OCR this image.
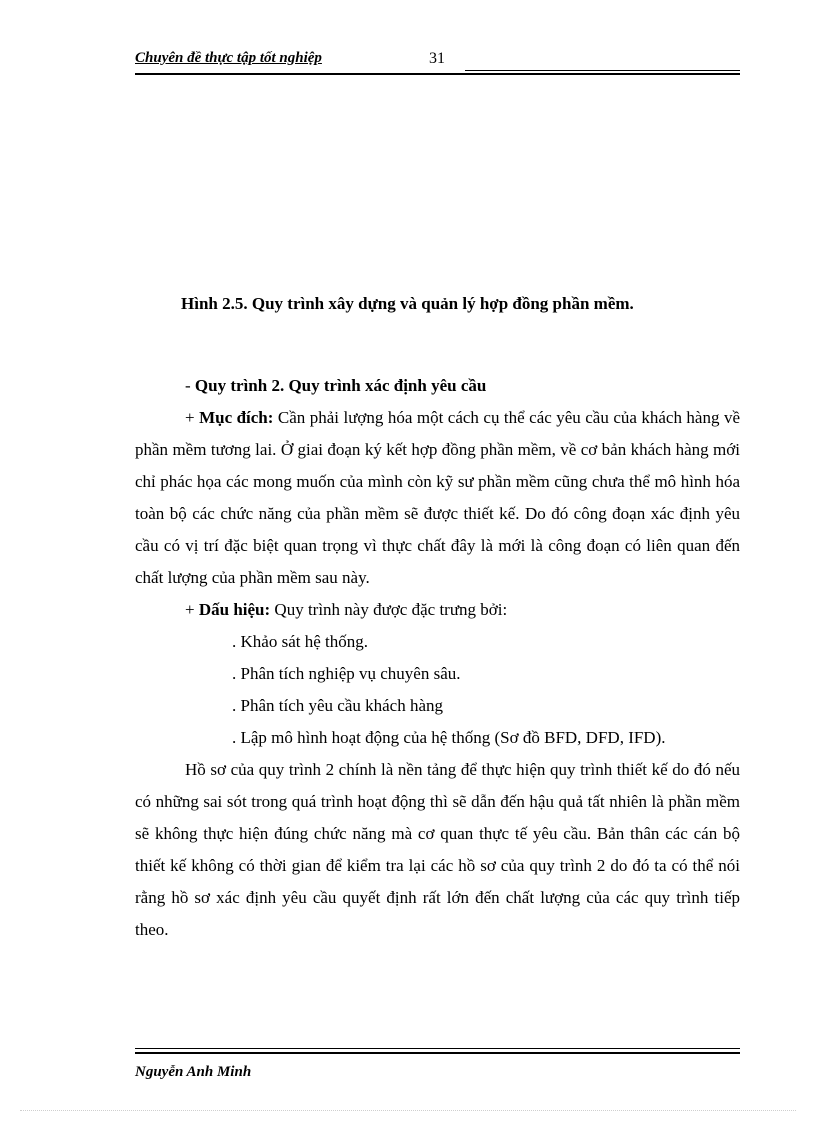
Chuyên đề thực tập tốt nghiệp	31
Hình 2.5. Quy trình xây dựng và quản lý hợp đồng phần mềm.

- Quy trình 2. Quy trình xác định yêu cầu

+ Mục đích: Cần phải lượng hóa một cách cụ thể các yêu cầu của khách hàng về phần mềm tương lai. Ở giai đoạn ký kết hợp đồng phần mềm, về cơ bản khách hàng mới chỉ phác họa các mong muốn của mình còn kỹ sư phần mềm cũng chưa thể mô hình hóa toàn bộ các chức năng của phần mềm sẽ được thiết kế. Do đó công đoạn xác định yêu cầu có vị trí đặc biệt quan trọng vì thực chất đây là mới là công đoạn có liên quan đến chất lượng của phần mềm sau này.

+ Dấu hiệu: Quy trình này được đặc trưng bởi:

. Khảo sát hệ thống.

. Phân tích nghiệp vụ chuyên sâu.

. Phân tích yêu cầu khách hàng

. Lập mô hình hoạt động của hệ thống (Sơ đồ BFD, DFD, IFD).

Hồ sơ của quy trình 2 chính là nền tảng để thực hiện quy trình thiết kế do đó nếu có những sai sót trong quá trình hoạt động thì sẽ dẫn đến hậu quả tất nhiên là phần mềm sẽ không thực hiện đúng chức năng mà cơ quan thực tế yêu cầu. Bản thân các cán bộ thiết kế không có thời gian để kiểm tra lại các hồ sơ của quy trình 2 do đó ta có thể nói rằng hồ sơ xác định yêu cầu quyết định rất lớn đến chất lượng của các quy trình tiếp theo.

Nguyễn Anh Minh
